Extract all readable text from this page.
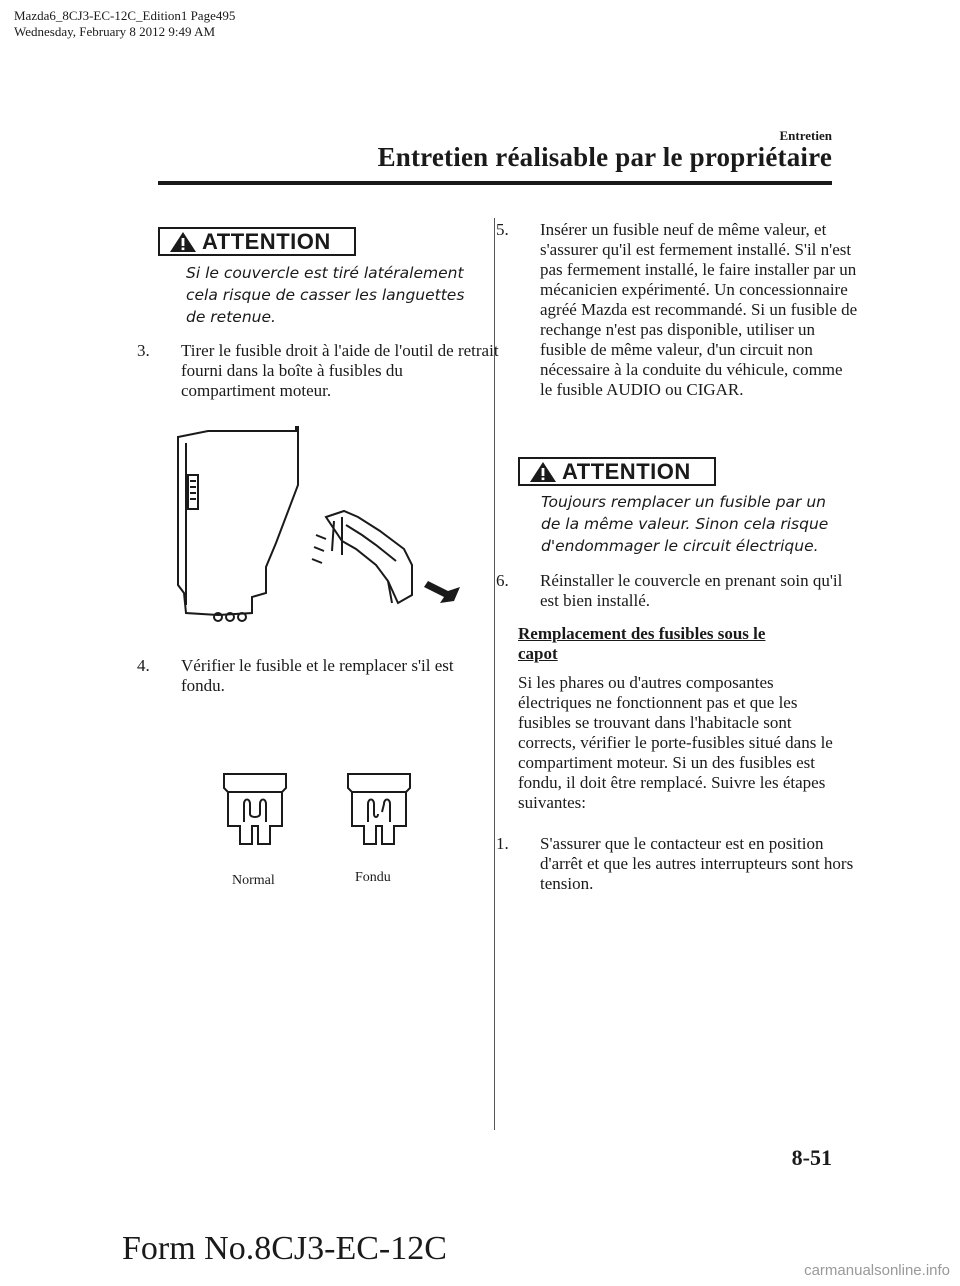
Mazda6_8CJ3-EC-12C_Edition1 Page495
Wednesday, February 8 2012 9:49 AM
Entretien
Entretien réalisable par le propriétaire
ATTENTION
Si le couvercle est tiré latéralement cela risque de casser les languettes de retenue.
3. Tirer le fusible droit à l'aide de l'outil de retrait fourni dans la boîte à fusibles du compartiment moteur.
4. Vérifier le fusible et le remplacer s'il est fondu.
Normal	Fondu
5. Insérer un fusible neuf de même valeur, et s'assurer qu'il est fermement installé. S'il n'est pas fermement installé, le faire installer par un mécanicien expérimenté. Un concessionnaire agréé Mazda est recommandé. Si un fusible de rechange n'est pas disponible, utiliser un fusible de même valeur, d'un circuit non nécessaire à la conduite du véhicule, comme le fusible AUDIO ou CIGAR.
ATTENTION
Toujours remplacer un fusible par un de la même valeur. Sinon cela risque d'endommager le circuit électrique.
6. Réinstaller le couvercle en prenant soin qu'il est bien installé.
Remplacement des fusibles sous le capot
Si les phares ou d'autres composantes électriques ne fonctionnent pas et que les fusibles se trouvant dans l'habitacle sont corrects, vérifier le porte-fusibles situé dans le compartiment moteur. Si un des fusibles est fondu, il doit être remplacé. Suivre les étapes suivantes:
1. S'assurer que le contacteur est en position d'arrêt et que les autres interrupteurs sont hors tension.
8-51
Form No.8CJ3-EC-12C
carmanualsonline.info
